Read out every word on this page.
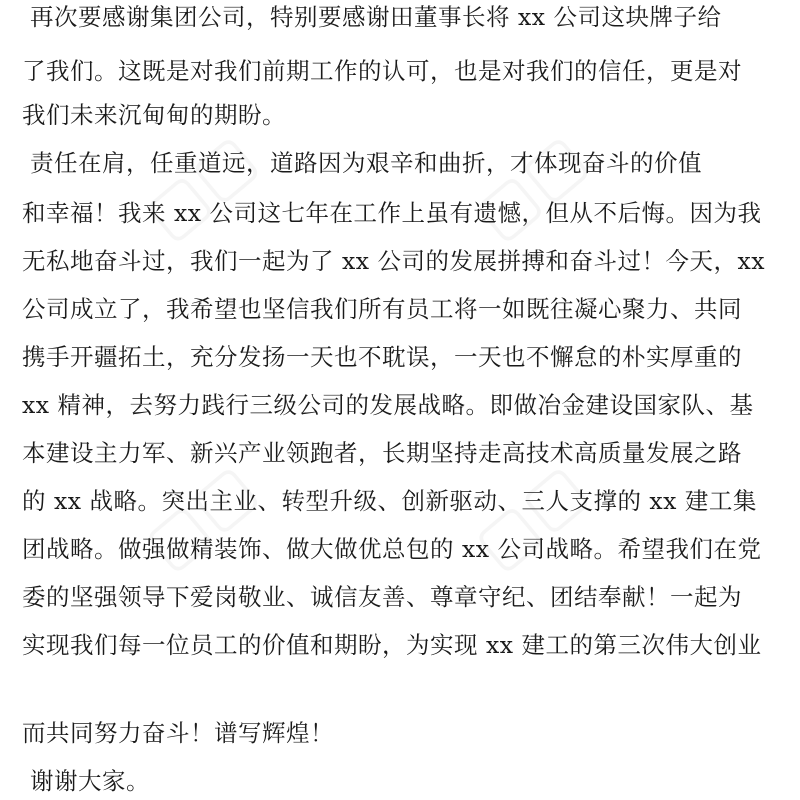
▢▢	▢▢
▢▢	▢▢
再次要感谢集团公司，特别要感谢田董事长将 xx 公司这块牌子给
了我们。这既是对我们前期工作的认可，也是对我们的信任，更是对
我们未来沉甸甸的期盼。
责任在肩，任重道远，道路因为艰辛和曲折，才体现奋斗的价值
和幸福！我来 xx 公司这七年在工作上虽有遗憾，但从不后悔。因为我
无私地奋斗过，我们一起为了 xx 公司的发展拼搏和奋斗过！今天，xx
公司成立了，我希望也坚信我们所有员工将一如既往凝心聚力、共同
携手开疆拓土，充分发扬一天也不耽误，一天也不懈怠的朴实厚重的
xx 精神，去努力践行三级公司的发展战略。即做冶金建设国家队、基
本建设主力军、新兴产业领跑者，长期坚持走高技术高质量发展之路
的 xx 战略。突出主业、转型升级、创新驱动、三人支撑的 xx 建工集
团战略。做强做精装饰、做大做优总包的 xx 公司战略。希望我们在党
委的坚强领导下爱岗敬业、诚信友善、尊章守纪、团结奉献！一起为
实现我们每一位员工的价值和期盼，为实现 xx 建工的第三次伟大创业
而共同努力奋斗！谱写辉煌！
谢谢大家。
